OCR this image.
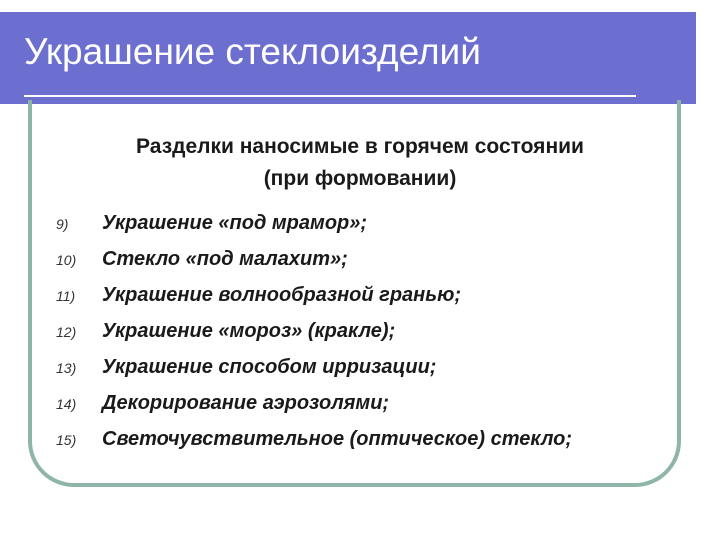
Украшение стеклоизделий
Разделки наносимые в горячем состоянии
(при формовании)
9)	Украшение «под мрамор»;
10)	Стекло «под малахит»;
11)	Украшение волнообразной гранью;
12)	Украшение «мороз» (кракле);
13)	Украшение способом ирризации;
14)	Декорирование аэрозолями;
15)	Светочувствительное (оптическое) стекло;
